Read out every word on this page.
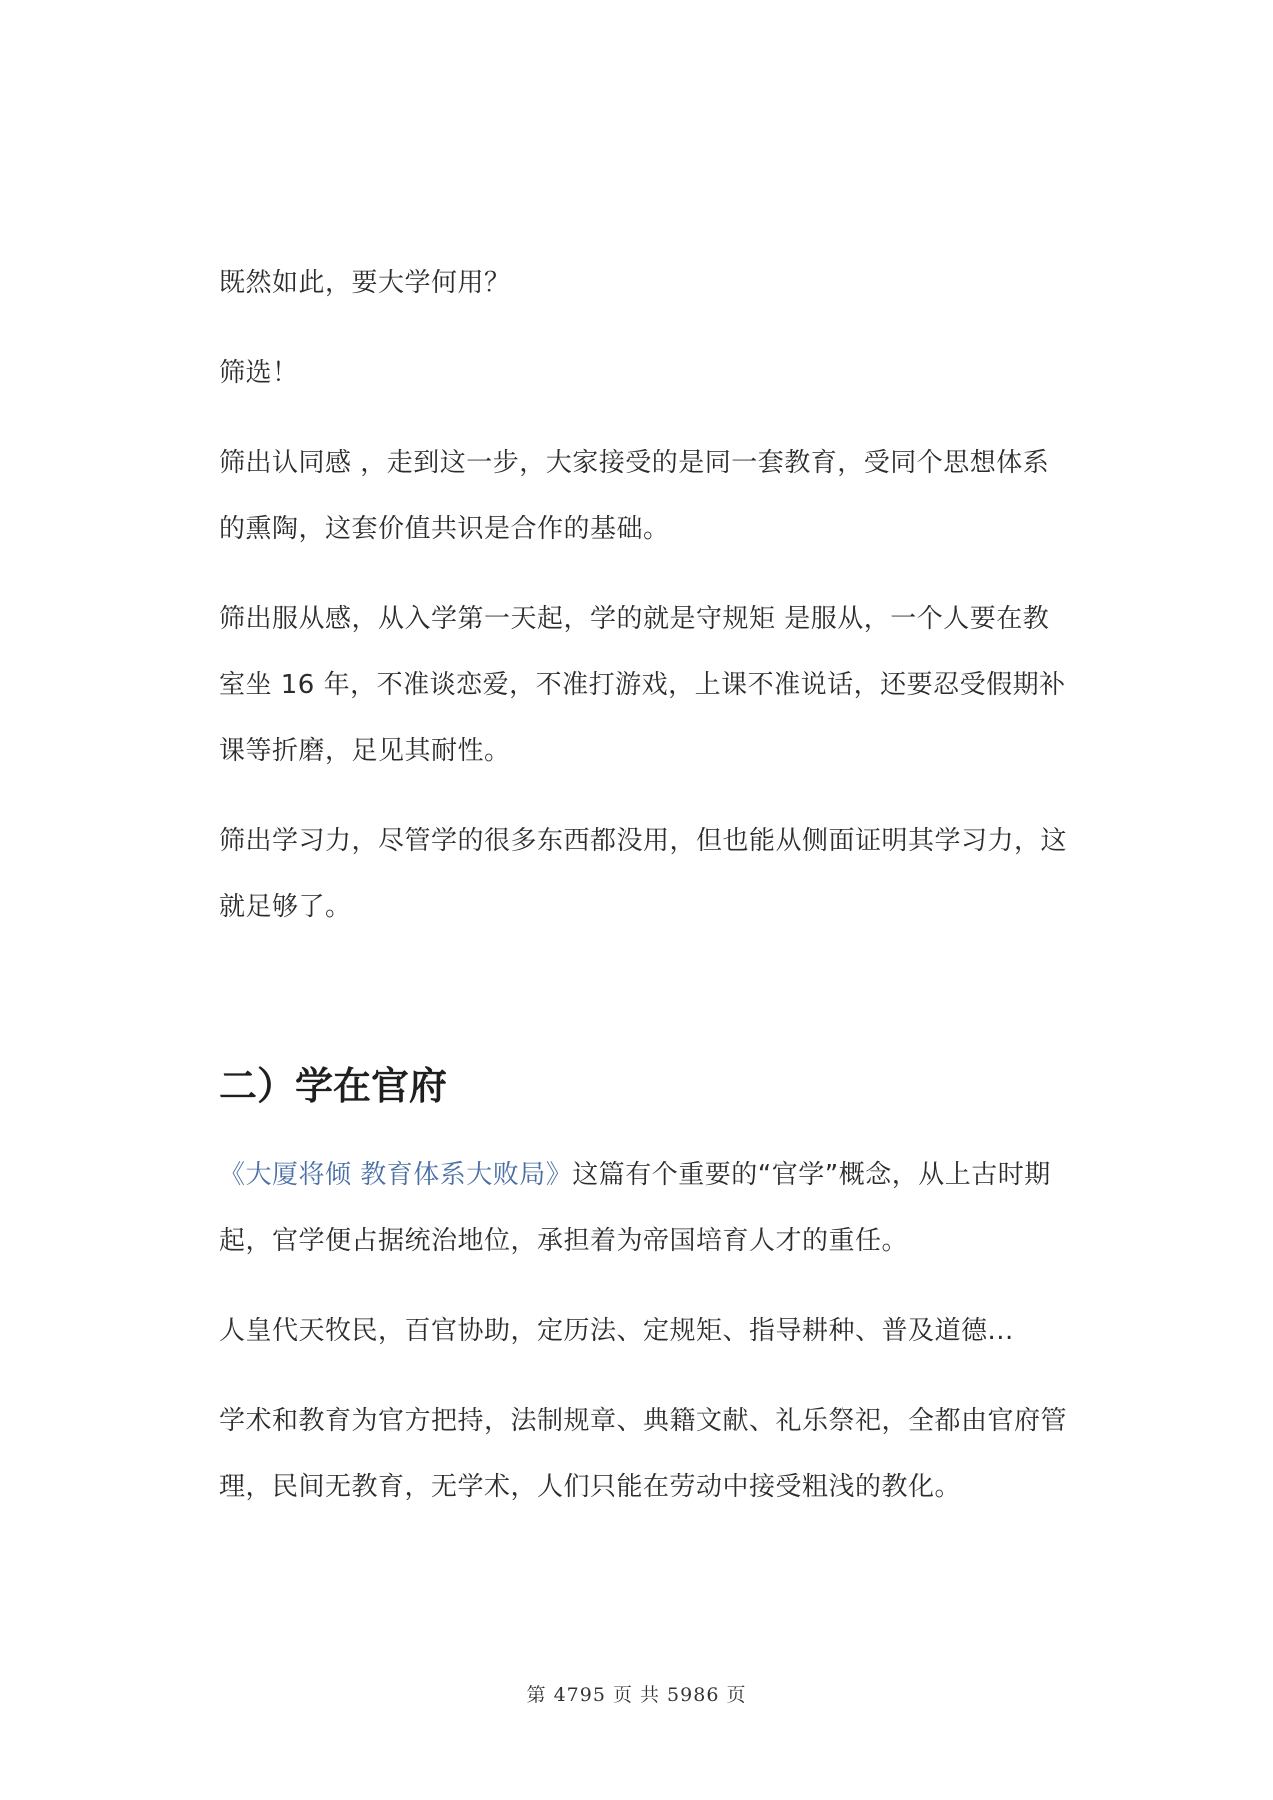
既然如此，要大学何用？

筛选！

筛出认同感 ，走到这一步，大家接受的是同一套教育，受同个思想体系的熏陶，这套价值共识是合作的基础。

筛出服从感，从入学第一天起，学的就是守规矩 是服从，一个人要在教室坐 16 年，不准谈恋爱，不准打游戏，上课不准说话，还要忍受假期补课等折磨，足见其耐性。

筛出学习力，尽管学的很多东西都没用，但也能从侧面证明其学习力，这就足够了。

二）学在官府

《大厦将倾 教育体系大败局》这篇有个重要的“官学”概念，从上古时期起，官学便占据统治地位，承担着为帝国培育人才的重任。

人皇代天牧民，百官协助，定历法、定规矩、指导耕种、普及道德...

学术和教育为官方把持，法制规章、典籍文献、礼乐祭祀，全都由官府管理，民间无教育，无学术，人们只能在劳动中接受粗浅的教化。

第 4795 页 共 5986 页
